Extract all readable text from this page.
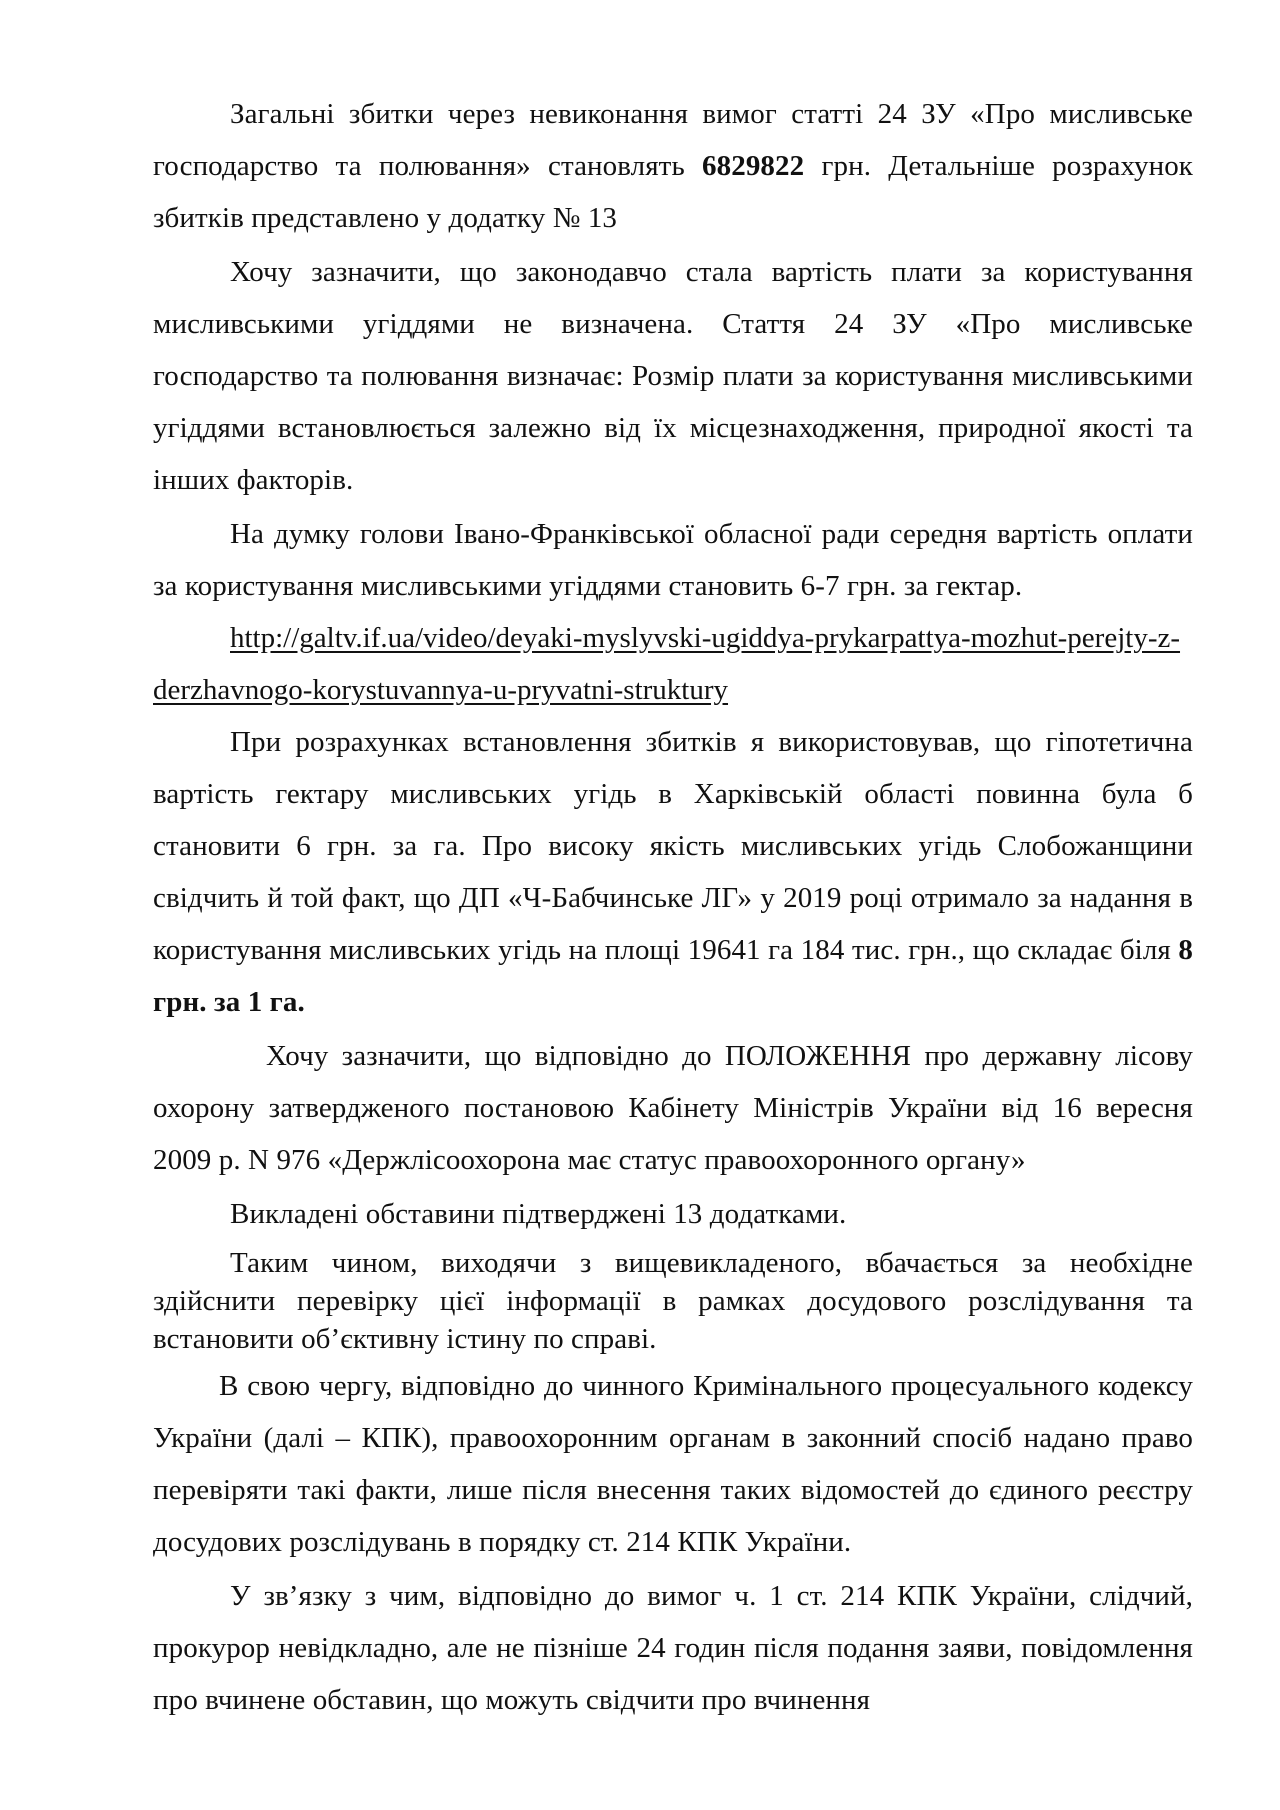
Загальні збитки через невиконання вимог статті 24 ЗУ «Про мисливське господарство та полювання» становлять 6829822 грн. Детальніше розрахунок збитків представлено у додатку № 13

Хочу зазначити, що законодавчо стала вартість плати за користування мисливськими угіддями не визначена. Стаття 24 ЗУ «Про мисливське господарство та полювання визначає: Розмір плати за користування мисливськими угіддями встановлюється залежно від їх місцезнаходження, природної якості та інших факторів.

На думку голови Івано-Франківської обласної ради середня вартість оплати за користування мисливськими угіддями становить 6-7 грн. за гектар.

http://galtv.if.ua/video/deyaki-myslyvski-ugiddya-prykarpattya-mozhut-perejty-z-derzhavnogo-korystuvannya-u-pryvatni-struktury

При розрахунках встановлення збитків я використовував, що гіпотетична вартість гектару мисливських угідь в Харківській області повинна була б становити 6 грн. за га. Про високу якість мисливських угідь Слобожанщини свідчить й той факт, що ДП «Ч-Бабчинське ЛГ» у 2019 році отримало за надання в користування мисливських угідь на площі 19641 га 184 тис. грн., що складає біля 8 грн. за 1 га.

Хочу зазначити, що відповідно до ПОЛОЖЕННЯ про державну лісову охорону затвердженого постановою Кабінету Міністрів України від 16 вересня 2009 р. N 976 «Держлісоохорона має статус правоохоронного органу»

Викладені обставини підтверджені 13 додатками.

Таким чином, виходячи з вищевикладеного, вбачається за необхідне здійснити перевірку цієї інформації в рамках досудового розслідування та встановити об’єктивну істину по справі.

В свою чергу, відповідно до чинного Кримінального процесуального кодексу України (далі – КПК), правоохоронним органам в законний спосіб надано право перевіряти такі факти, лише після внесення таких відомостей до єдиного реєстру досудових розслідувань в порядку ст. 214 КПК України.

У зв’язку з чим, відповідно до вимог ч. 1 ст. 214 КПК України, слідчий, прокурор невідкладно, але не пізніше 24 годин після подання заяви, повідомлення про вчинене обставин, що можуть свідчити про вчинення
